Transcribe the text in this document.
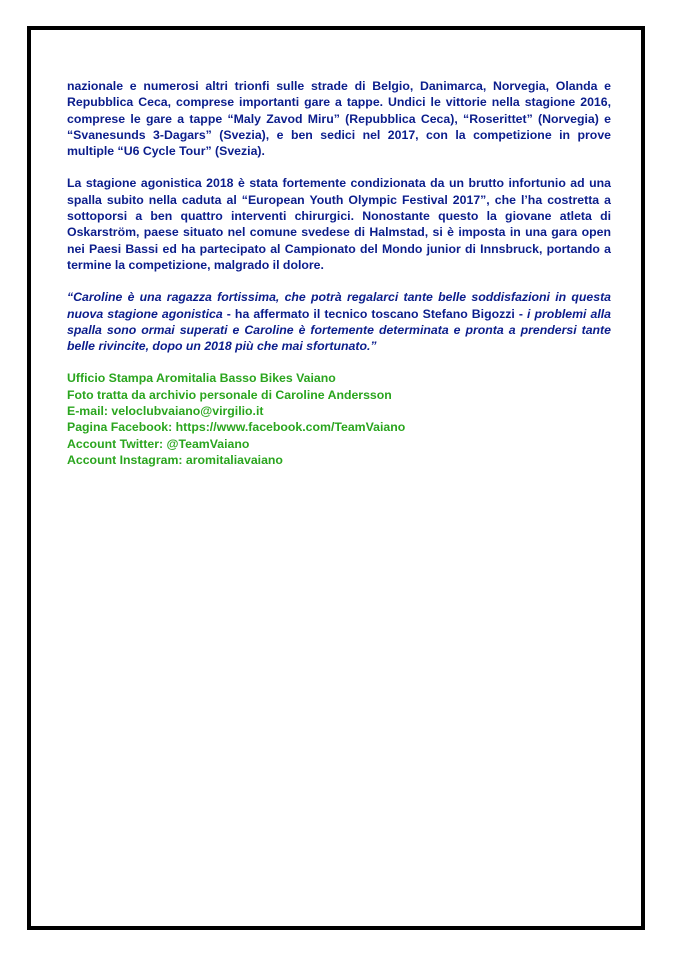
nazionale e numerosi altri trionfi sulle strade di Belgio, Danimarca, Norvegia, Olanda e Repubblica Ceca, comprese importanti gare a tappe. Undici le vittorie nella stagione 2016, comprese le gare a tappe “Maly Zavod Miru” (Repubblica Ceca), “Roserittet” (Norvegia) e “Svanesunds 3-Dagars” (Svezia), e ben sedici nel 2017, con la competizione in prove multiple “U6 Cycle Tour” (Svezia).

La stagione agonistica 2018 è stata fortemente condizionata da un brutto infortunio ad una spalla subito nella caduta al “European Youth Olympic Festival 2017”, che l’ha costretta a sottoporsi a ben quattro interventi chirurgici. Nonostante questo la giovane atleta di Oskarström, paese situato nel comune svedese di Halmstad, si è imposta in una gara open nei Paesi Bassi ed ha partecipato al Campionato del Mondo junior di Innsbruck, portando a termine la competizione, malgrado il dolore.

“Caroline è una ragazza fortissima, che potrà regalarci tante belle soddisfazioni in questa nuova stagione agonistica - ha affermato il tecnico toscano Stefano Bigozzi - i problemi alla spalla sono ormai superati e Caroline è fortemente determinata e pronta a prendersi tante belle rivincite, dopo un 2018 più che mai sfortunato.”

Ufficio Stampa Aromitalia Basso Bikes Vaiano
Foto tratta da archivio personale di Caroline Andersson
E-mail: veloclubvaiano@virgilio.it
Pagina Facebook: https://www.facebook.com/TeamVaiano
Account Twitter: @TeamVaiano
Account Instagram: aromitaliavaiano
